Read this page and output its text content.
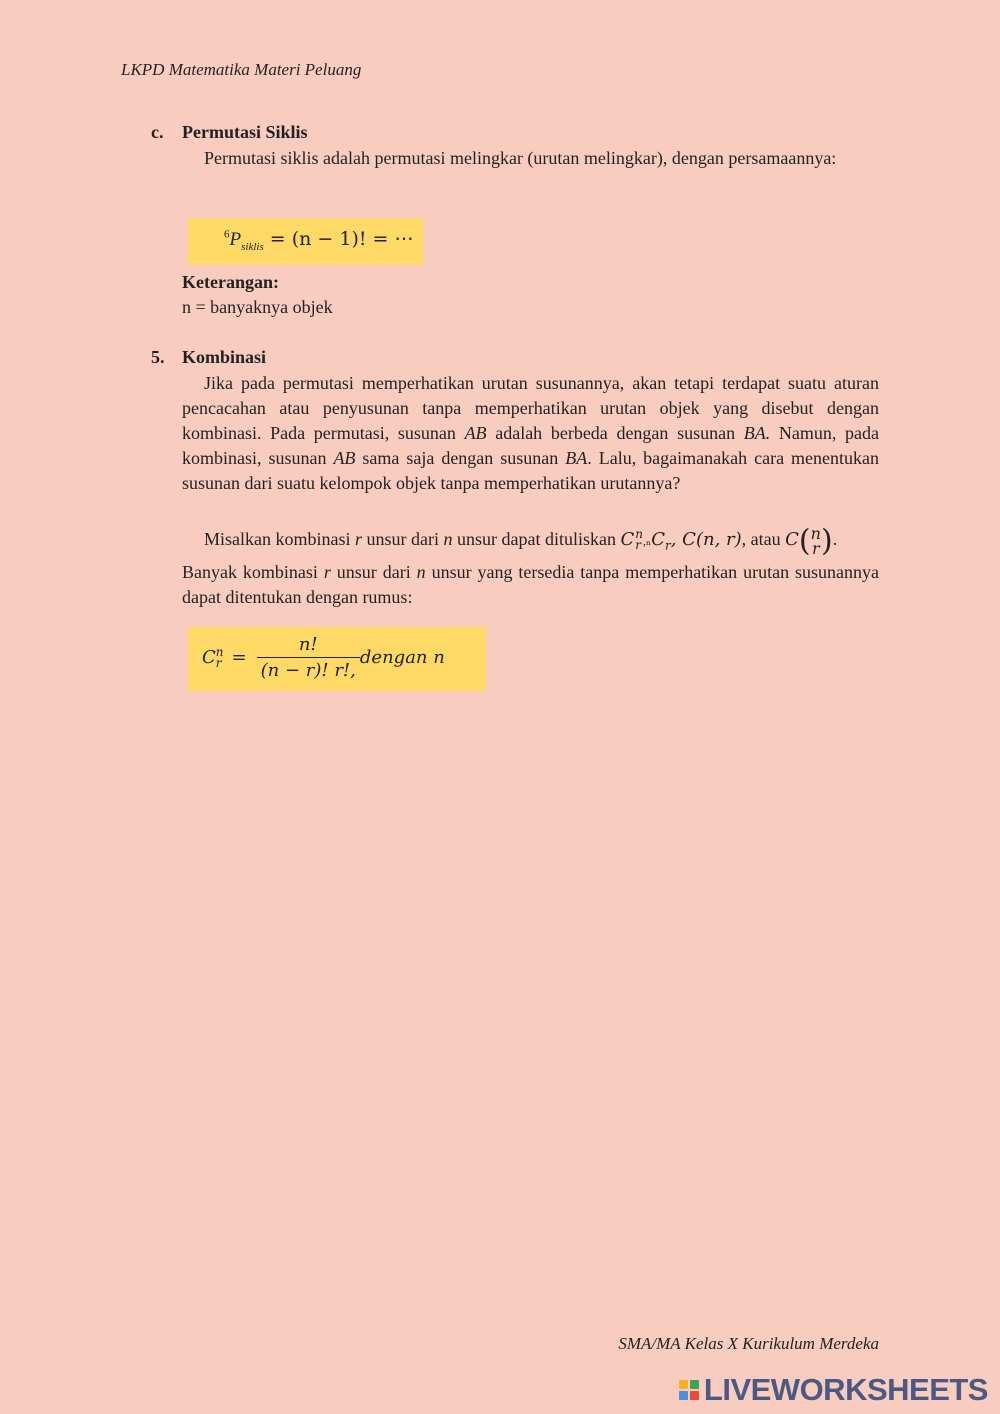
LKPD Matematika Materi Peluang
c. Permutasi Siklis
Permutasi siklis adalah permutasi melingkar (urutan melingkar), dengan persamaannya:
$^6P_{siklis} = (n - 1)$! = ⋯
Keterangan:
n = banyaknya objek
5. Kombinasi
Jika pada permutasi memperhatikan urutan susunannya, akan tetapi terdapat suatu aturan pencacahan atau penyusunan tanpa memperhatikan urutan objek yang disebut dengan kombinasi. Pada permutasi, susunan AB adalah berbeda dengan susunan BA. Namun, pada kombinasi, susunan AB sama saja dengan susunan BA. Lalu, bagaimanakah cara menentukan susunan dari suatu kelompok objek tanpa memperhatikan urutannya?
Misalkan kombinasi r unsur dari n unsur dapat dituliskan C n
r ,ₙC$_r$, C(n, r), atau C( n
r ).
Banyak kombinasi r unsur dari n unsur yang tersedia tanpa memperhatikan urutan susunannya dapat ditentukan dengan rumus:
C n
$r = \frac{n!}{(n - r)! r!,}$ dengan n
SMA/MA Kelas X Kurikulum Merdeka
LIVEWORKSHEETS
